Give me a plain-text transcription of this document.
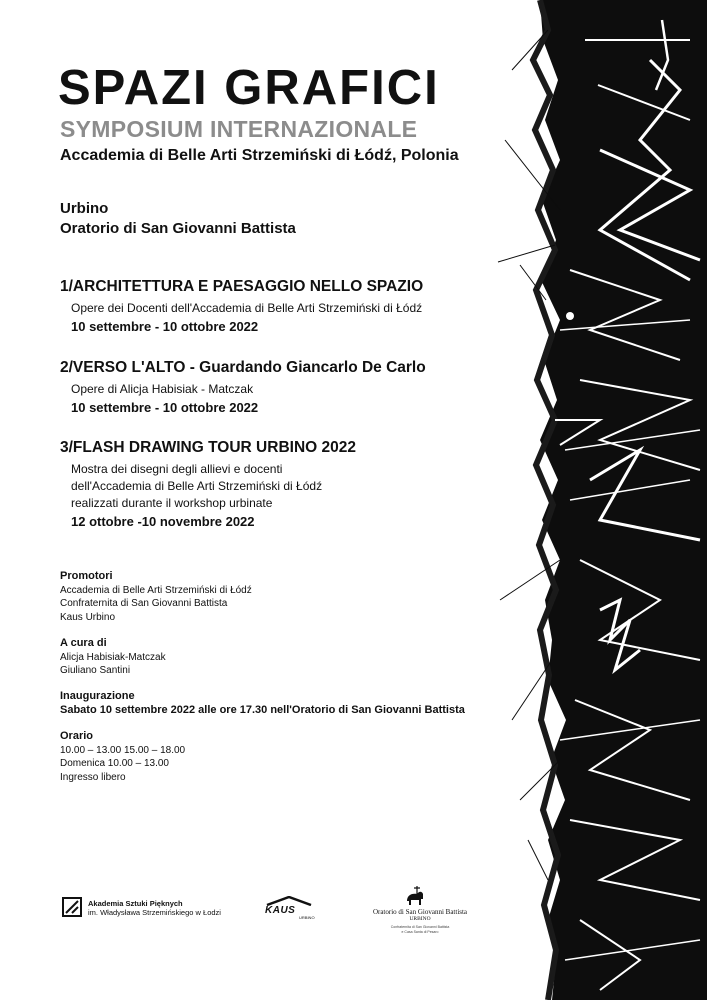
SPAZI GRAFICI
SYMPOSIUM INTERNAZIONALE
Accademia di Belle Arti Strzemiński di Łódź, Polonia
Urbino
Oratorio di San Giovanni Battista
1/ARCHITETTURA E PAESAGGIO NELLO SPAZIO
Opere dei Docenti dell'Accademia di Belle Arti Strzemiński di Łódź
10 settembre - 10 ottobre 2022
2/VERSO L'ALTO - Guardando Giancarlo De Carlo
Opere di Alicja Habisiak - Matczak
10 settembre - 10 ottobre 2022
3/FLASH DRAWING TOUR URBINO 2022
Mostra dei disegni degli allievi e docenti
dell'Accademia di Belle Arti Strzemiński di Łódź
realizzati durante il workshop urbinate
12 ottobre -10 novembre 2022
Promotori
Accademia di Belle Arti Strzemiński di Łódź
Confraternita di San Giovanni Battista
Kaus Urbino
A cura di
Alicja Habisiak-Matczak
Giuliano Santini
Inaugurazione
Sabato 10 settembre 2022 alle ore 17.30 nell'Oratorio di San Giovanni Battista
Orario
10.00 – 13.00 15.00 – 18.00
Domenica 10.00 – 13.00
Ingresso libero
Akademia Sztuki Pięknych
im. Władysława Strzemińskiego w Łodzi	KAUS
URBINO
Oratorio di San Giovanni Battista
URBINO
Confraternita di San Giovanni Battista
e Casa Santa di Pesaro
